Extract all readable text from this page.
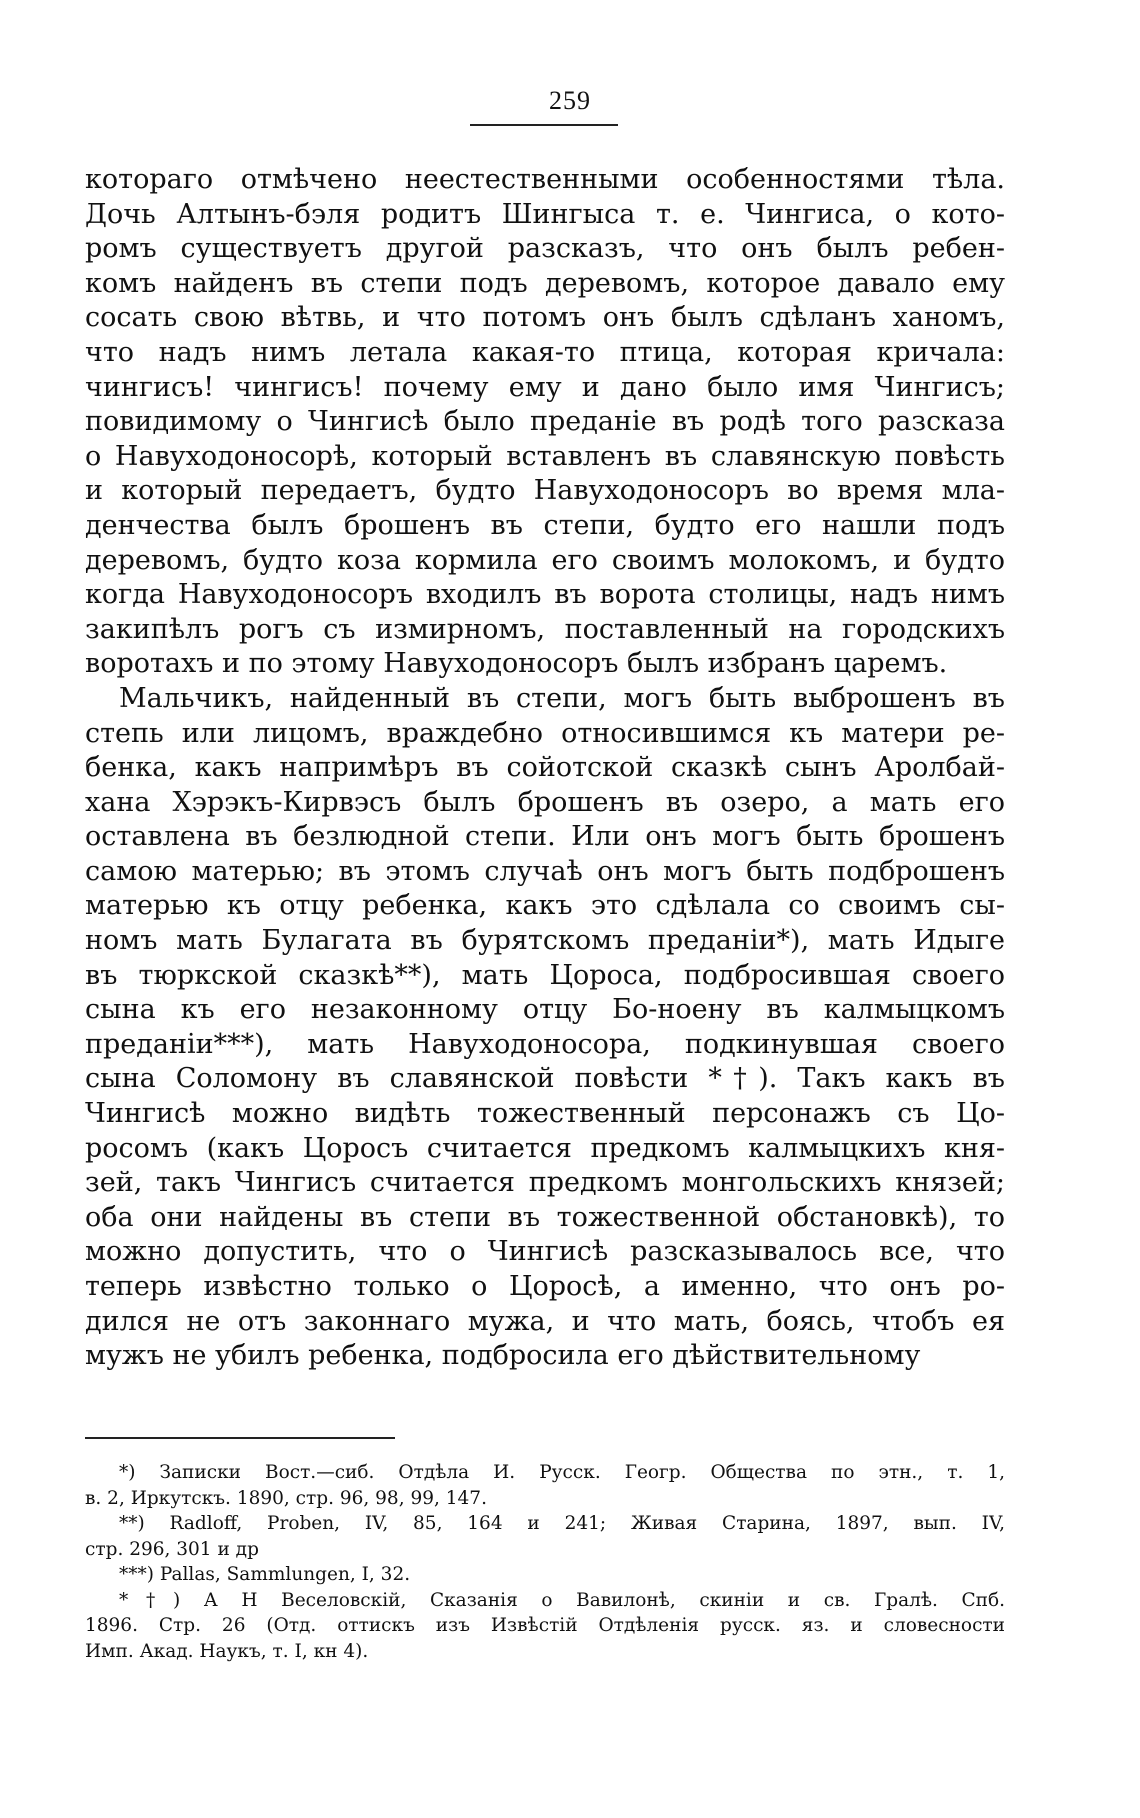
259
котораго отмѣчено неестественными особенностями тѣла.
Дочь Алтынъ-бэля родитъ Шингыса т. е. Чингиса, о кото-
ромъ существуетъ другой разсказъ, что онъ былъ ребен-
комъ найденъ въ степи подъ деревомъ, которое давало ему
сосать свою вѣтвь, и что потомъ онъ былъ сдѣланъ ханомъ,
что надъ нимъ летала какая-то птица, которая кричала:
чингисъ! чингисъ! почему ему и дано было имя Чингисъ;
повидимому о Чингисѣ было преданіе въ родѣ того разсказа
о Навуходоносорѣ, который вставленъ въ славянскую повѣсть
и который передаетъ, будто Навуходоносоръ во время мла-
денчества былъ брошенъ въ степи, будто его нашли подъ
деревомъ, будто коза кормила его своимъ молокомъ, и будто
когда Навуходоносоръ входилъ въ ворота столицы, надъ нимъ
закипѣлъ рогъ съ измирномъ, поставленный на городскихъ
воротахъ и по этому Навуходоносоръ былъ избранъ царемъ.
Мальчикъ, найденный въ степи, могъ быть выброшенъ въ
степь или лицомъ, враждебно относившимся къ матери ре-
бенка, какъ напримѣръ въ сойотской сказкѣ сынъ Аролбай-
хана Хэрэкъ-Кирвэсъ былъ брошенъ въ озеро, а мать его
оставлена въ безлюдной степи. Или онъ могъ быть брошенъ
самою матерью; въ этомъ случаѣ онъ могъ быть подброшенъ
матерью къ отцу ребенка, какъ это сдѣлала со своимъ сы-
номъ мать Булагата въ бурятскомъ преданіи*), мать Идыге
въ тюркской сказкѣ**), мать Цороса, подбросившая своего
сына къ его незаконному отцу Бо-ноену въ калмыцкомъ
преданіи***), мать Навуходоносора, подкинувшая своего
сына Соломону въ славянской повѣсти *†). Такъ какъ въ
Чингисѣ можно видѣть тожественный персонажъ съ Цо-
росомъ (какъ Цоросъ считается предкомъ калмыцкихъ кня-
зей, такъ Чингисъ считается предкомъ монгольскихъ князей;
оба они найдены въ степи въ тожественной обстановкѣ), то
можно допустить, что о Чингисѣ разсказывалось все, что
теперь извѣстно только о Цоросѣ, а именно, что онъ ро-
дился не отъ законнаго мужа, и что мать, боясь, чтобъ ея
мужъ не убилъ ребенка, подбросила его дѣйствительному
*) Записки Вост.—сиб. Отдѣла И. Русск. Геогр. Общества по этн., т. 1,
в. 2, Иркутскъ. 1890, стр. 96, 98, 99, 147.
**) Radloff, Proben, IV, 85, 164 и 241; Живая Старина, 1897, вып. IV,
стр. 296, 301 и др
***) Pallas, Sammlungen, I, 32.
*†) А Н Веселовскій, Сказанія о Вавилонѣ, скиніи и св. Гралѣ. Спб.
1896. Стр. 26 (Отд. оттискъ изъ Извѣстій Отдѣленія русск. яз. и словесности
Имп. Акад. Наукъ, т. I, кн 4).
